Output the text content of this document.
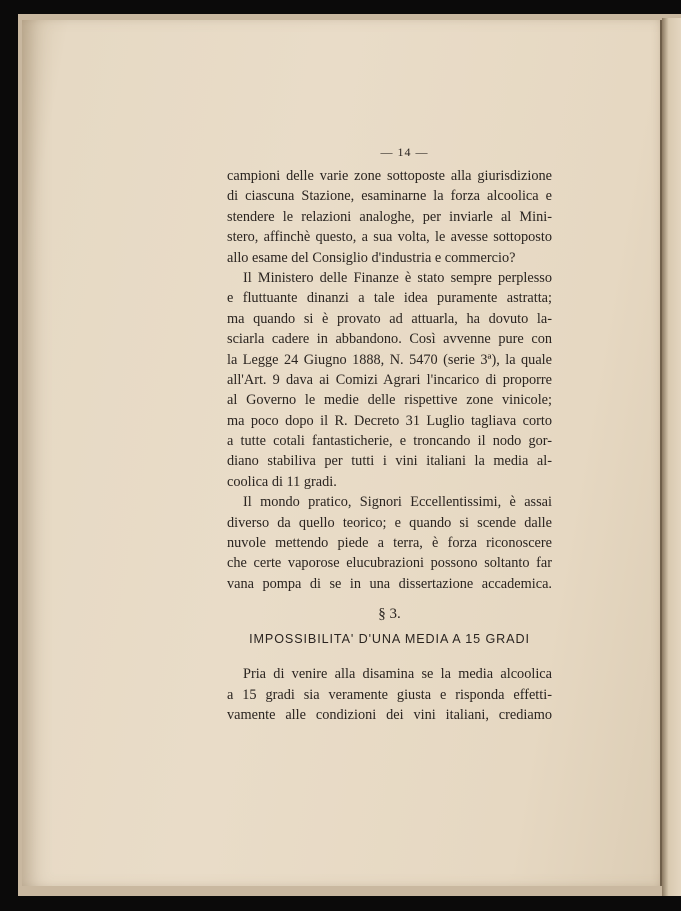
— 14 —
campioni delle varie zone sottoposte alla giurisdizione
di ciascuna Stazione, esaminarne la forza alcoolica e
stendere le relazioni analoghe, per inviarle al Mini-
stero, affinchè questo, a sua volta, le avesse sottoposto
allo esame del Consiglio d'industria e commercio?
Il Ministero delle Finanze è stato sempre perplesso
e fluttuante dinanzi a tale idea puramente astratta;
ma quando si è provato ad attuarla, ha dovuto la-
sciarla cadere in abbandono. Così avvenne pure con
la Legge 24 Giugno 1888, N. 5470 (serie 3ª), la quale
all'Art. 9 dava ai Comizi Agrari l'incarico di proporre
al Governo le medie delle rispettive zone vinicole;
ma poco dopo il R. Decreto 31 Luglio tagliava corto
a tutte cotali fantasticherie, e troncando il nodo gor-
diano stabiliva per tutti i vini italiani la media al-
coolica di 11 gradi.
Il mondo pratico, Signori Eccellentissimi, è assai
diverso da quello teorico; e quando si scende dalle
nuvole mettendo piede a terra, è forza riconoscere
che certe vaporose elucubrazioni possono soltanto far
vana pompa di se in una dissertazione accademica.
§ 3.
IMPOSSIBILITA' D'UNA MEDIA A 15 GRADI
Pria di venire alla disamina se la media alcoolica
a 15 gradi sia veramente giusta e risponda effetti-
vamente alle condizioni dei vini italiani, crediamo
